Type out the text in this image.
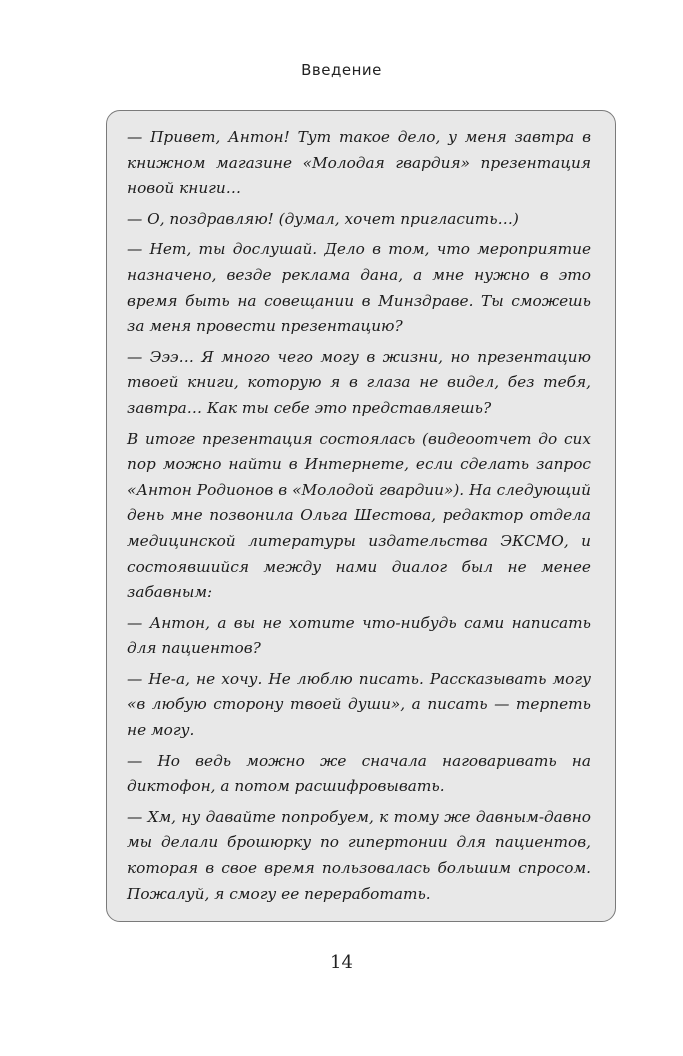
Введение

— Привет, Антон! Тут такое дело, у меня завтра в книжном магазине «Молодая гвардия» презентация новой книги…

— О, поздравляю! (думал, хочет пригласить…)

— Нет, ты дослушай. Дело в том, что мероприятие назначено, везде реклама дана, а мне нужно в это время быть на совещании в Минздраве. Ты сможешь за меня провести презентацию?

— Эээ… Я много чего могу в жизни, но презентацию твоей книги, которую я в глаза не видел, без тебя, завтра… Как ты себе это представляешь?

В итоге презентация состоялась (видеоотчет до сих пор можно найти в Интернете, если сделать запрос «Антон Родионов в «Молодой гвардии»). На следующий день мне позвонила Ольга Шестова, редактор отдела медицинской литературы издательства ЭКСМО, и состоявшийся между нами диалог был не менее забавным:

— Антон, а вы не хотите что-нибудь сами написать для пациентов?

— Не-а, не хочу. Не люблю писать. Рассказывать могу «в любую сторону твоей души», а писать — терпеть не могу.

— Но ведь можно же сначала наговаривать на диктофон, а потом расшифровывать.

— Хм, ну давайте попробуем, к тому же давным-давно мы делали брошюрку по гипертонии для пациентов, которая в свое время пользовалась большим спросом. Пожалуй, я смогу ее переработать.

14
